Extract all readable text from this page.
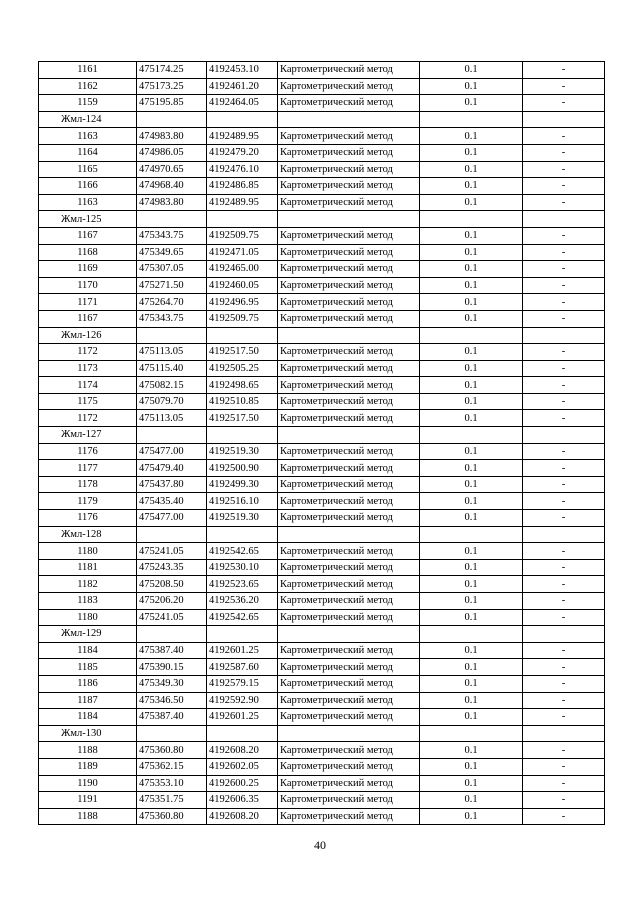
1161	475174.25	4192453.10	Картометрический метод	0.1	-
1162	475173.25	4192461.20	Картометрический метод	0.1	-
1159	475195.85	4192464.05	Картометрический метод	0.1	-
Жмл-124					
1163	474983.80	4192489.95	Картометрический метод	0.1	-
1164	474986.05	4192479.20	Картометрический метод	0.1	-
1165	474970.65	4192476.10	Картометрический метод	0.1	-
1166	474968.40	4192486.85	Картометрический метод	0.1	-
1163	474983.80	4192489.95	Картометрический метод	0.1	-
Жмл-125					
1167	475343.75	4192509.75	Картометрический метод	0.1	-
1168	475349.65	4192471.05	Картометрический метод	0.1	-
1169	475307.05	4192465.00	Картометрический метод	0.1	-
1170	475271.50	4192460.05	Картометрический метод	0.1	-
1171	475264.70	4192496.95	Картометрический метод	0.1	-
1167	475343.75	4192509.75	Картометрический метод	0.1	-
Жмл-126					
1172	475113.05	4192517.50	Картометрический метод	0.1	-
1173	475115.40	4192505.25	Картометрический метод	0.1	-
1174	475082.15	4192498.65	Картометрический метод	0.1	-
1175	475079.70	4192510.85	Картометрический метод	0.1	-
1172	475113.05	4192517.50	Картометрический метод	0.1	-
Жмл-127					
1176	475477.00	4192519.30	Картометрический метод	0.1	-
1177	475479.40	4192500.90	Картометрический метод	0.1	-
1178	475437.80	4192499.30	Картометрический метод	0.1	-
1179	475435.40	4192516.10	Картометрический метод	0.1	-
1176	475477.00	4192519.30	Картометрический метод	0.1	-
Жмл-128					
1180	475241.05	4192542.65	Картометрический метод	0.1	-
1181	475243.35	4192530.10	Картометрический метод	0.1	-
1182	475208.50	4192523.65	Картометрический метод	0.1	-
1183	475206.20	4192536.20	Картометрический метод	0.1	-
1180	475241.05	4192542.65	Картометрический метод	0.1	-
Жмл-129					
1184	475387.40	4192601.25	Картометрический метод	0.1	-
1185	475390.15	4192587.60	Картометрический метод	0.1	-
1186	475349.30	4192579.15	Картометрический метод	0.1	-
1187	475346.50	4192592.90	Картометрический метод	0.1	-
1184	475387.40	4192601.25	Картометрический метод	0.1	-
Жмл-130					
1188	475360.80	4192608.20	Картометрический метод	0.1	-
1189	475362.15	4192602.05	Картометрический метод	0.1	-
1190	475353.10	4192600.25	Картометрический метод	0.1	-
1191	475351.75	4192606.35	Картометрический метод	0.1	-
1188	475360.80	4192608.20	Картометрический метод	0.1	-
40
